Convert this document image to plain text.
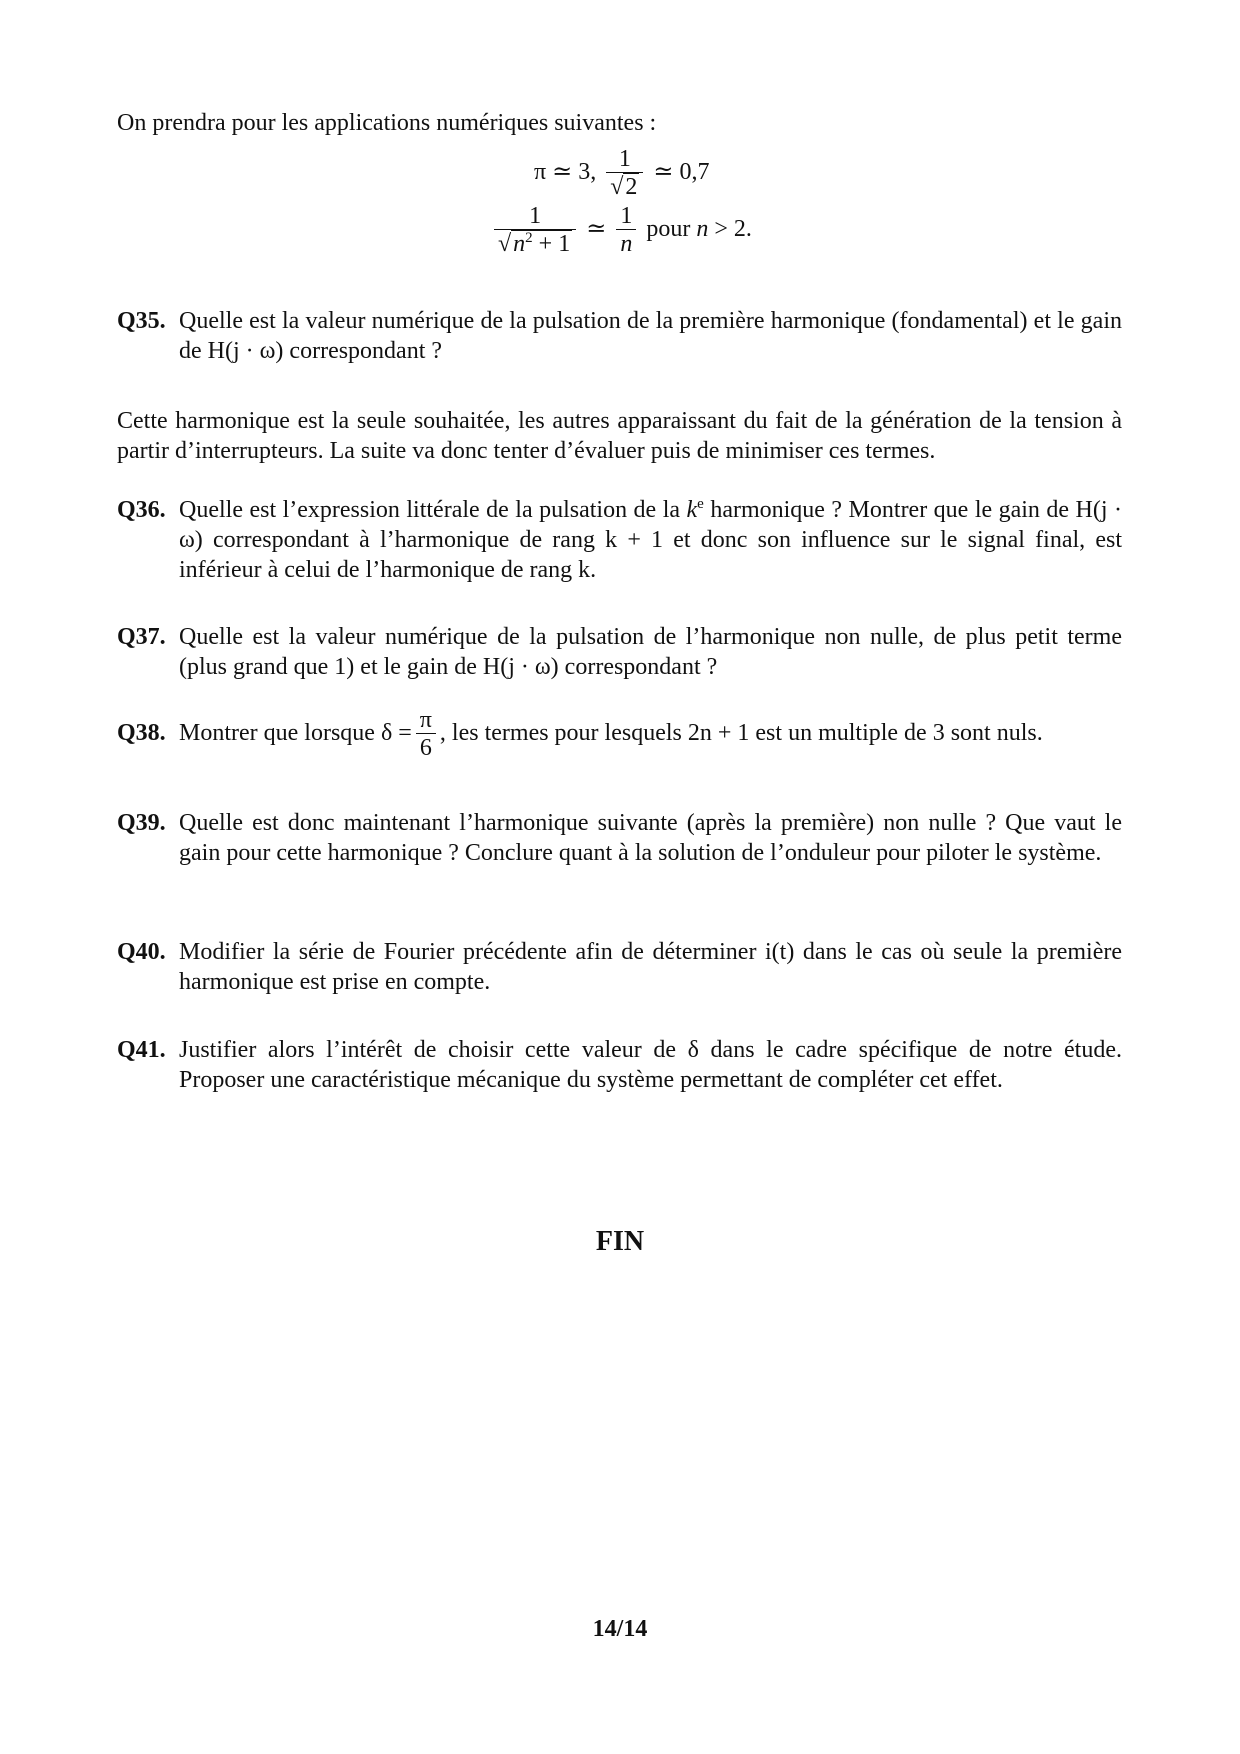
On prendra pour les applications numériques suivantes :
π ≃ 3, $\frac{1}{√2}$ ≃ 0,7
$\frac{1}{√n^2 + 1}$ ≃ $\frac{1}{n}$ pour n > 2.
Q35. Quelle est la valeur numérique de la pulsation de la première harmonique (fondamental) et le gain de H(j · ω) correspondant ?
Cette harmonique est la seule souhaitée, les autres apparaissant du fait de la génération de la tension à partir d’interrupteurs. La suite va donc tenter d’évaluer puis de minimiser ces termes.
Q36. Quelle est l’expression littérale de la pulsation de la $k^e$ harmonique ? Montrer que le gain de H(j · ω) correspondant à l’harmonique de rang k + 1 et donc son influence sur le signal final, est inférieur à celui de l’harmonique de rang k.
Q37. Quelle est la valeur numérique de la pulsation de l’harmonique non nulle, de plus petit terme (plus grand que 1) et le gain de H(j · ω) correspondant ?
Q38. Montrer que lorsque $\delta = \frac{\pi}{6}$ , les termes pour lesquels 2n + 1 est un multiple de 3 sont nuls.
Q39. Quelle est donc maintenant l’harmonique suivante (après la première) non nulle ? Que vaut le gain pour cette harmonique ? Conclure quant à la solution de l’onduleur pour piloter le système.
Q40. Modifier la série de Fourier précédente afin de déterminer i(t) dans le cas où seule la première harmonique est prise en compte.
Q41. Justifier alors l’intérêt de choisir cette valeur de δ dans le cadre spécifique de notre étude. Proposer une caractéristique mécanique du système permettant de compléter cet effet.
FIN
14/14
